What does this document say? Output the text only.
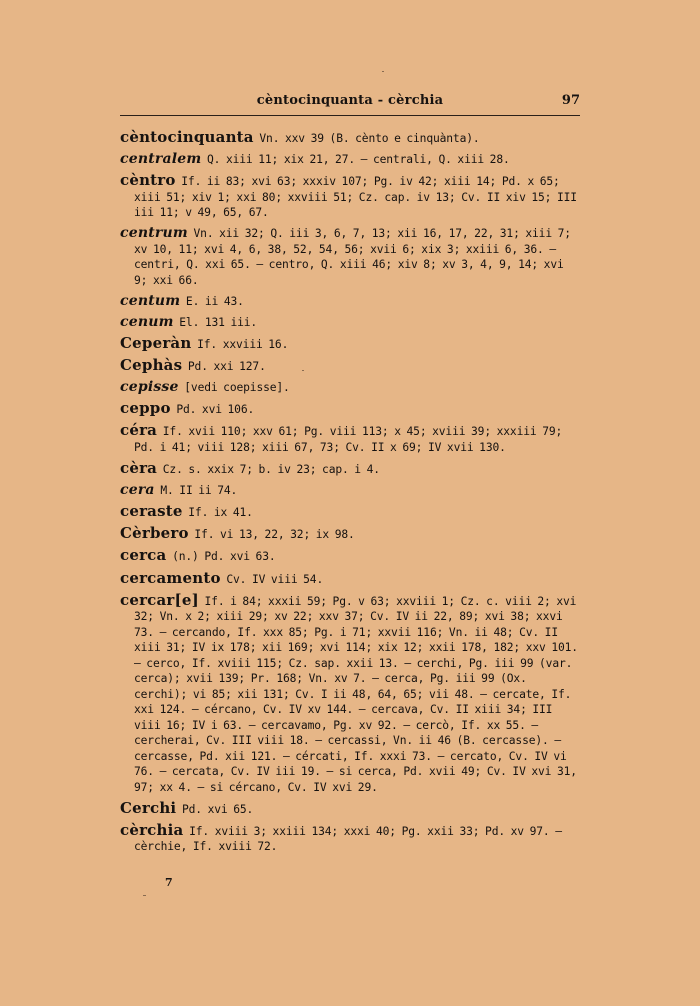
cèntocinquanta - cèrchia	97
cèntocinquanta Vn. xxv 39 (B. cènto e cinquànta).
centralem Q. xiii 11; xix 21, 27. – centrali, Q. xiii 28.
cèntro If. ii 83; xvi 63; xxxiv 107; Pg. iv 42; xiii 14; Pd. x 65; xiii 51; xiv 1; xxi 80; xxviii 51; Cz. cap. iv 13; Cv. II xiv 15; III iii 11; v 49, 65, 67.
centrum Vn. xii 32; Q. iii 3, 6, 7, 13; xii 16, 17, 22, 31; xiii 7; xv 10, 11; xvi 4, 6, 38, 52, 54, 56; xvii 6; xix 3; xxiii 6, 36. – centri, Q. xxi 65. – centro, Q. xiii 46; xiv 8; xv 3, 4, 9, 14; xvi 9; xxi 66.
centum E. ii 43.
cenum El. 131 iii.
Ceperàn If. xxviii 16.
Cephàs Pd. xxi 127.
cepisse [vedi coepisse].
ceppo Pd. xvi 106.
céra If. xvii 110; xxv 61; Pg. viii 113; x 45; xviii 39; xxxiii 79; Pd. i 41; viii 128; xiii 67, 73; Cv. II x 69; IV xvii 130.
cèra Cz. s. xxix 7; b. iv 23; cap. i 4.
cera M. II ii 74.
ceraste If. ix 41.
Cèrbero If. vi 13, 22, 32; ix 98.
cerca (n.) Pd. xvi 63.
cercamento Cv. IV viii 54.
cercar[e] If. i 84; xxxii 59; Pg. v 63; xxviii 1; Cz. c. viii 2; xvi 32; Vn. x 2; xiii 29; xv 22; xxv 37; Cv. IV ii 22, 89; xvi 38; xxvi 73. – cercando, If. xxx 85; Pg. i 71; xxvii 116; Vn. ii 48; Cv. II xiii 31; IV ix 178; xii 169; xvi 114; xix 12; xxii 178, 182; xxv 101. – cerco, If. xviii 115; Cz. sap. xxii 13. – cerchi, Pg. iii 99 (var. cerca); xvii 139; Pr. 168; Vn. xv 7. – cerca, Pg. iii 99 (Ox. cerchi); vi 85; xii 131; Cv. I ii 48, 64, 65; vii 48. – cercate, If. xxi 124. – cércano, Cv. IV xv 144. – cercava, Cv. II xiii 34; III viii 16; IV i 63. – cercavamo, Pg. xv 92. – cercò, If. xx 55. – cercherai, Cv. III viii 18. – cercassi, Vn. ii 46 (B. cercasse). – cercasse, Pd. xii 121. – cércati, If. xxxi 73. – cercato, Cv. IV vi 76. – cercata, Cv. IV iii 19. – si cerca, Pd. xvii 49; Cv. IV xvi 31, 97; xx 4. – si cércano, Cv. IV xvi 29.
Cerchi Pd. xvi 65.
cèrchia If. xviii 3; xxiii 134; xxxi 40; Pg. xxii 33; Pd. xv 97. – cèrchie, If. xviii 72.
7
